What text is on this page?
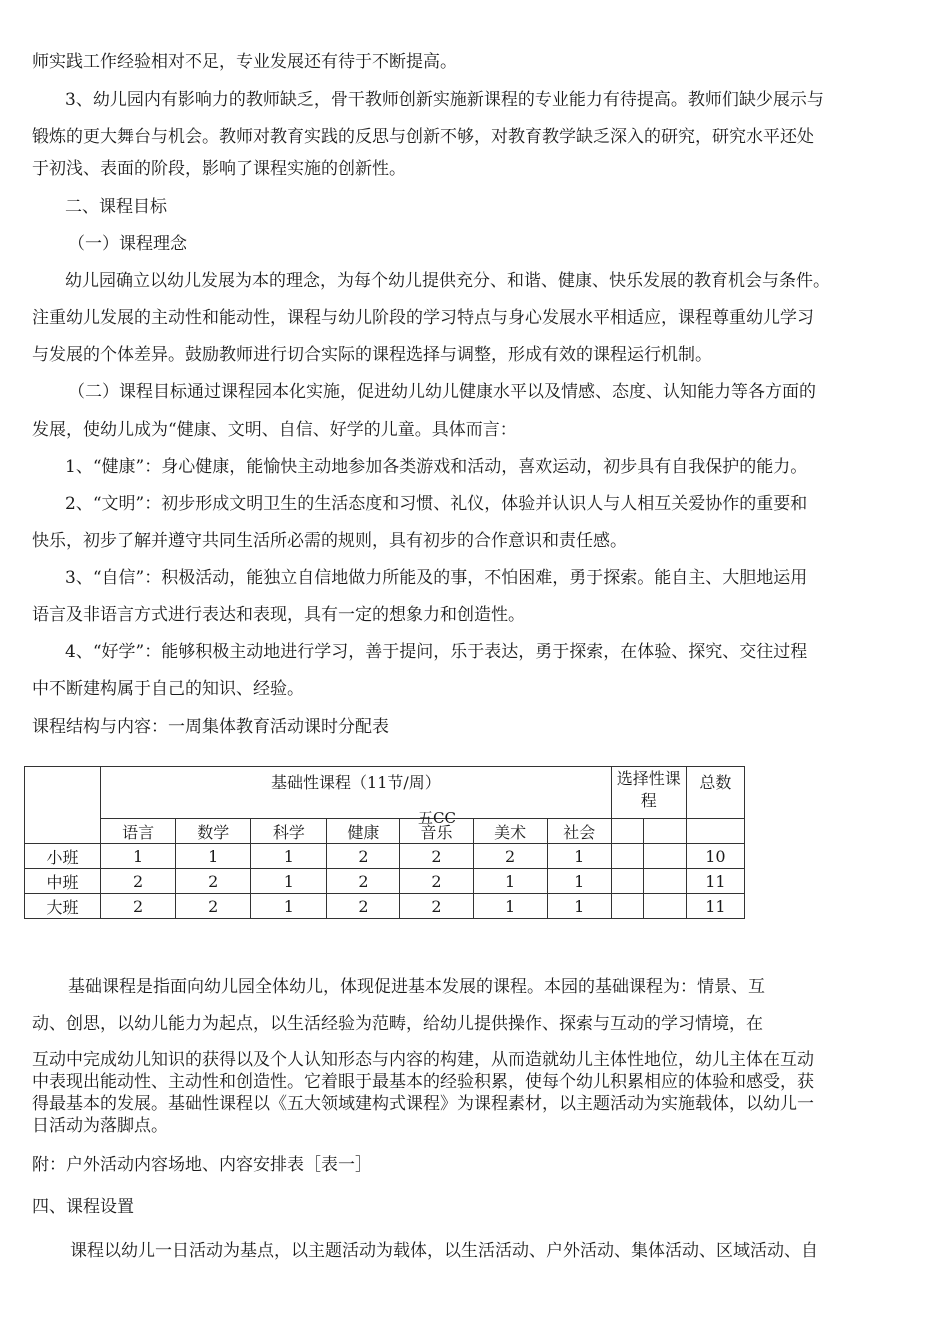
师实践工作经验相对不足，专业发展还有待于不断提高。
3、幼儿园内有影响力的教师缺乏，骨干教师创新实施新课程的专业能力有待提高。教师们缺少展示与
锻炼的更大舞台与机会。教师对教育实践的反思与创新不够，对教育教学缺乏深入的研究，研究水平还处
于初浅、表面的阶段，影响了课程实施的创新性。
二、课程目标
（一）课程理念
幼儿园确立以幼儿发展为本的理念，为每个幼儿提供充分、和谐、健康、快乐发展的教育机会与条件。
注重幼儿发展的主动性和能动性，课程与幼儿阶段的学习特点与身心发展水平相适应，课程尊重幼儿学习
与发展的个体差异。鼓励教师进行切合实际的课程选择与调整，形成有效的课程运行机制。
（二）课程目标通过课程园本化实施，促进幼儿幼儿健康水平以及情感、态度、认知能力等各方面的
发展，使幼儿成为“健康、文明、自信、好学的儿童。具体而言：
1、“健康”：身心健康，能愉快主动地参加各类游戏和活动，喜欢运动，初步具有自我保护的能力。
2、“文明”：初步形成文明卫生的生活态度和习惯、礼仪，体验并认识人与人相互关爱协作的重要和
快乐，初步了解并遵守共同生活所必需的规则，具有初步的合作意识和责任感。
3、“自信”：积极活动，能独立自信地做力所能及的事，不怕困难，勇于探索。能自主、大胆地运用
语言及非语言方式进行表达和表现，具有一定的想象力和创造性。
4、“好学”：能够积极主动地进行学习，善于提问，乐于表达，勇于探索，在体验、探究、交往过程
中不断建构属于自己的知识、经验。
课程结构与内容：一周集体教育活动课时分配表
	基础性课程（11节/周）							选择性课程		总数
	语言	数学	科学	健康	音乐	美术	社会			
小班	1	1	1	2	2	2	1			10
中班	2	2	1	2	2	1	1			11
大班	2	2	1	2	2	1	1			11
五CC
基础课程是指面向幼儿园全体幼儿，体现促进基本发展的课程。本园的基础课程为：情景、互
动、创思，以幼儿能力为起点，以生活经验为范畴，给幼儿提供操作、探索与互动的学习情境，在
互动中完成幼儿知识的获得以及个人认知形态与内容的构建，从而造就幼儿主体性地位，幼儿主体在互动
中表现出能动性、主动性和创造性。它着眼于最基本的经验积累，使每个幼儿积累相应的体验和感受，获
得最基本的发展。基础性课程以《五大领域建构式课程》为课程素材，以主题活动为实施载体，以幼儿一
日活动为落脚点。
附：户外活动内容场地、内容安排表［表一］
四、课程设置
课程以幼儿一日活动为基点，以主题活动为载体，以生活活动、户外活动、集体活动、区域活动、自
